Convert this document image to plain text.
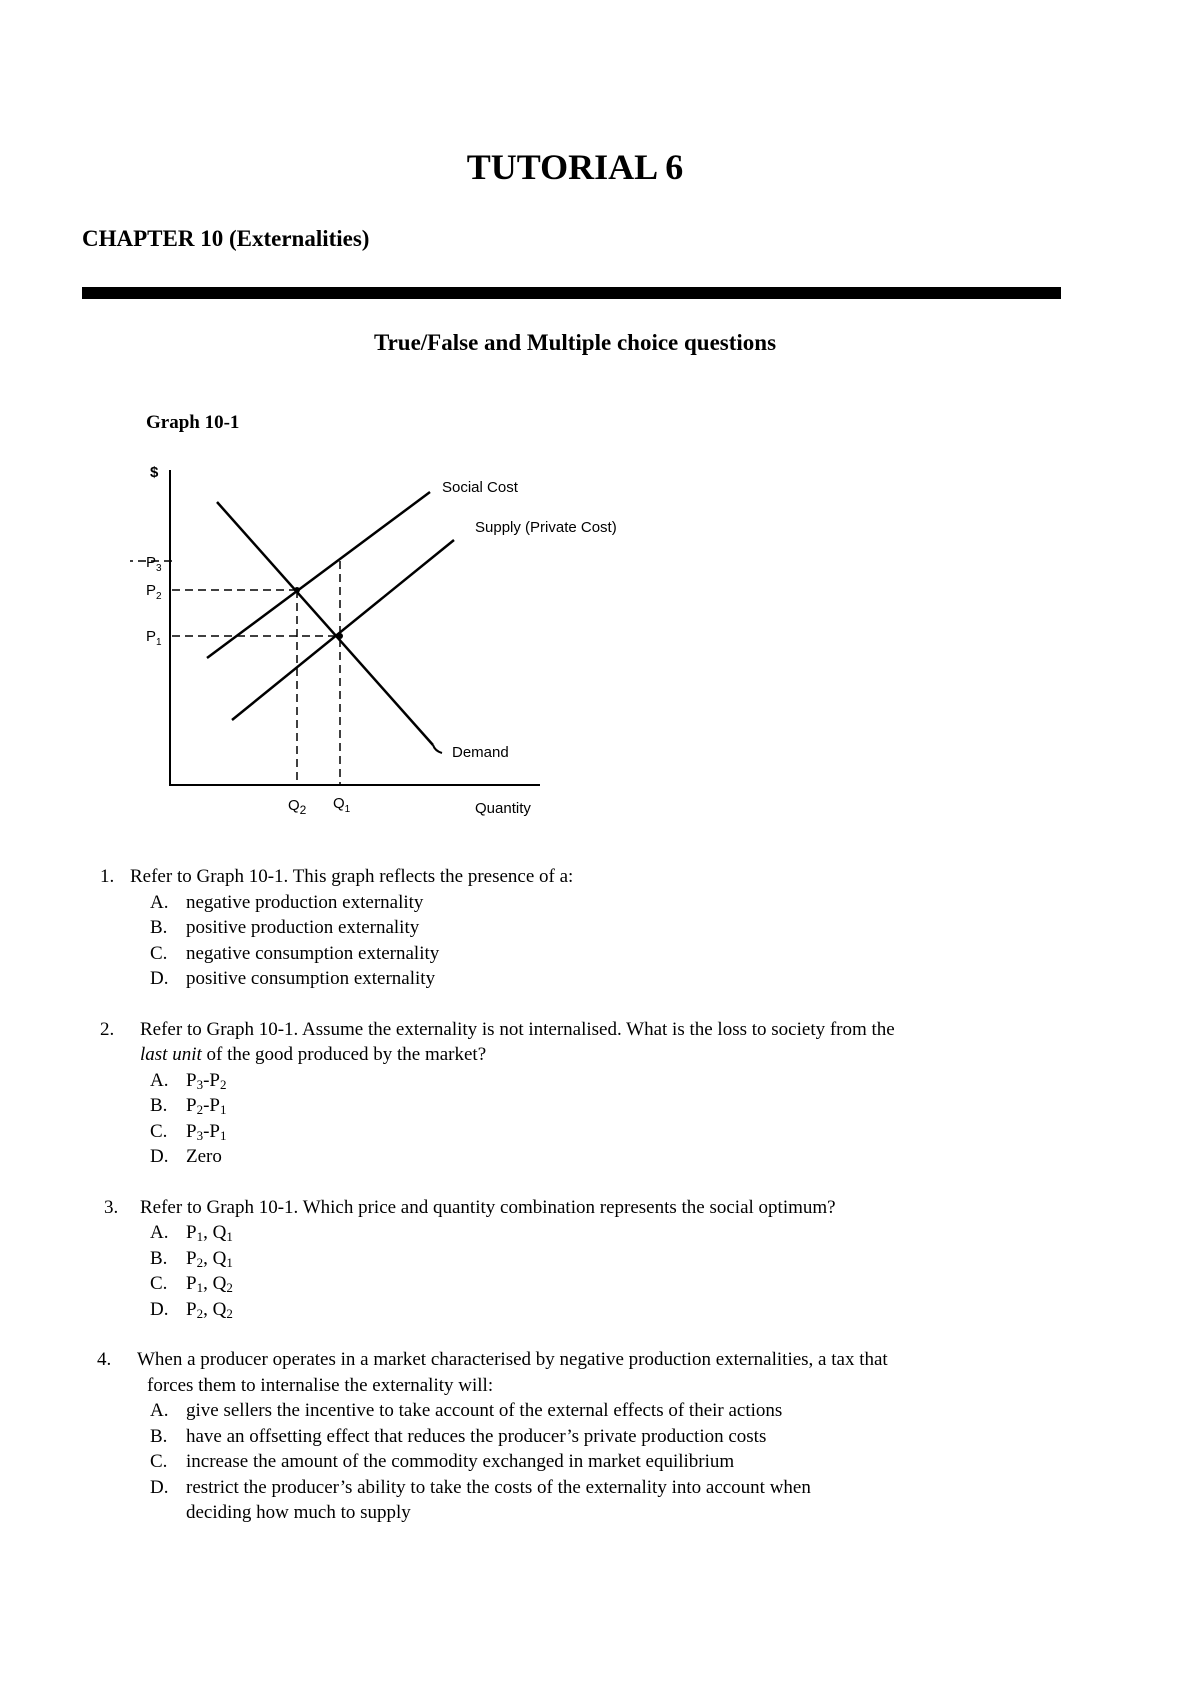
TUTORIAL 6
CHAPTER 10 (Externalities)
True/False and Multiple choice questions
Graph 10-1
$
Quantity
Social Cost
Supply (Private Cost)
Demand
$P_3$
$P_2$
$P_1$
$Q_2$ $Q_1$
1. Refer to Graph 10-1. This graph reflects the presence of a:
A. negative production externality
B. positive production externality
C. negative consumption externality
D. positive consumption externality
2. Refer to Graph 10-1. Assume the externality is not internalised. What is the loss to society from the
last unit of the good produced by the market?
A. $P_3-P_2$
B. $P_2-P_1$
C. $P_3-P_1$
D. Zero
3. Refer to Graph 10-1. Which price and quantity combination represents the social optimum?
A. $P_1$, $Q_1$
B. $P_2$, $Q_1$
C. $P_1$, $Q_2$
D. $P_2$, $Q_2$
4. When a producer operates in a market characterised by negative production externalities, a tax that
forces them to internalise the externality will:
A. give sellers the incentive to take account of the external effects of their actions
B. have an offsetting effect that reduces the producer’s private production costs
C. increase the amount of the commodity exchanged in market equilibrium
D. restrict the producer’s ability to take the costs of the externality into account when
deciding how much to supply
